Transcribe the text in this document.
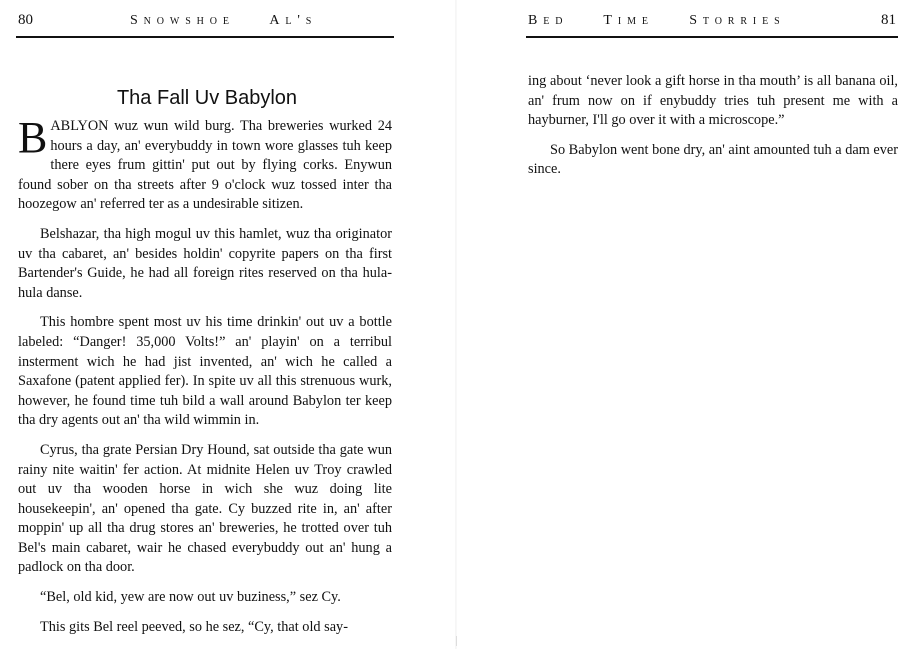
80	Snowshoe Al's	Bed Time Storries	81
Tha Fall Uv Babylon

BABLYON wuz wun wild burg. Tha breweries wurked 24 hours a day, an' everybuddy in town wore glasses tuh keep there eyes frum gittin' put out by flying corks. Enywun found sober on tha streets after 9 o'clock wuz tossed inter tha hoozegow an' referred ter as a undesirable sitizen.

Belshazar, tha high mogul uv this hamlet, wuz tha originator uv tha cabaret, an' besides holdin' copyrite papers on tha first Bartender's Guide, he had all foreign rites reserved on tha hula-hula danse.

This hombre spent most uv his time drinkin' out uv a bottle labeled: “Danger! 35,000 Volts!” an' playin' on a terribul insterment wich he had jist invented, an' wich he called a Saxafone (patent applied fer). In spite uv all this strenuous wurk, however, he found time tuh bild a wall around Babylon ter keep tha dry agents out an' tha wild wimmin in.

Cyrus, tha grate Persian Dry Hound, sat outside tha gate wun rainy nite waitin' fer action. At midnite Helen uv Troy crawled out uv tha wooden horse in wich she wuz doing lite housekeepin', an' opened tha gate. Cy buzzed rite in, an' after moppin' up all tha drug stores an' breweries, he trotted over tuh Bel's main cabaret, wair he chased everybuddy out an' hung a padlock on tha door.

“Bel, old kid, yew are now out uv buziness,” sez Cy.

This gits Bel reel peeved, so he sez, “Cy, that old say-

ing about ‘never look a gift horse in tha mouth’ is all banana oil, an' frum now on if enybuddy tries tuh present me with a hayburner, I'll go over it with a microscope.”

So Babylon went bone dry, an' aint amounted tuh a dam ever since.
